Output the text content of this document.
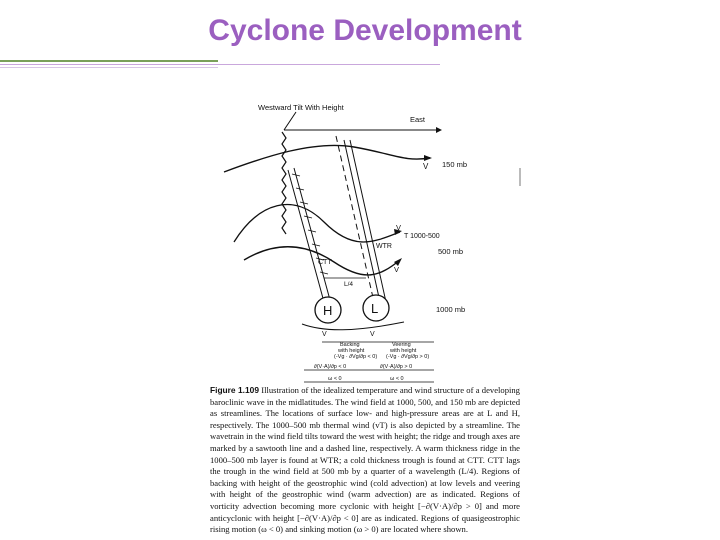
Cyclone Development
Westward Tilt With Height
East
V 150 mb
V
T 1000-500
WTR
500 mb
V
CTT
L/4
H	L	1000 mb
V	V
Backing
with height
(-Vg · ∂Vg/∂p < 0)
Veering
with height
(-Vg · ∂Vg/∂p > 0)
∂(V·A)/∂p < 0	∂(V·A)/∂p > 0
ω < 0	ω < 0
Figure 1.109 Illustration of the idealized temperature and wind structure of a developing baroclinic wave in the midlatitudes. The wind field at 1000, 500, and 150 mb are depicted as streamlines. The locations of surface low- and high-pressure areas are at L and H, respectively. The 1000–500 mb thermal wind (vT) is also depicted by a streamline. The wavetrain in the wind field tilts toward the west with height; the ridge and trough axes are marked by a sawtooth line and a dashed line, respectively. A warm thickness ridge in the 1000–500 mb layer is found at WTR; a cold thickness trough is found at CTT. CTT lags the trough in the wind field at 500 mb by a quarter of a wavelength (L/4). Regions of backing with height of the geostrophic wind (cold advection) at low levels and veering with height of the geostrophic wind (warm advection) are as indicated. Regions of vorticity advection becoming more cyclonic with height [−∂(V·A)/∂p > 0] and more anticyclonic with height [−∂(V·A)/∂p < 0] are as indicated. Regions of quasigeostrophic rising motion (ω < 0) and sinking motion (ω > 0) are located where shown.
